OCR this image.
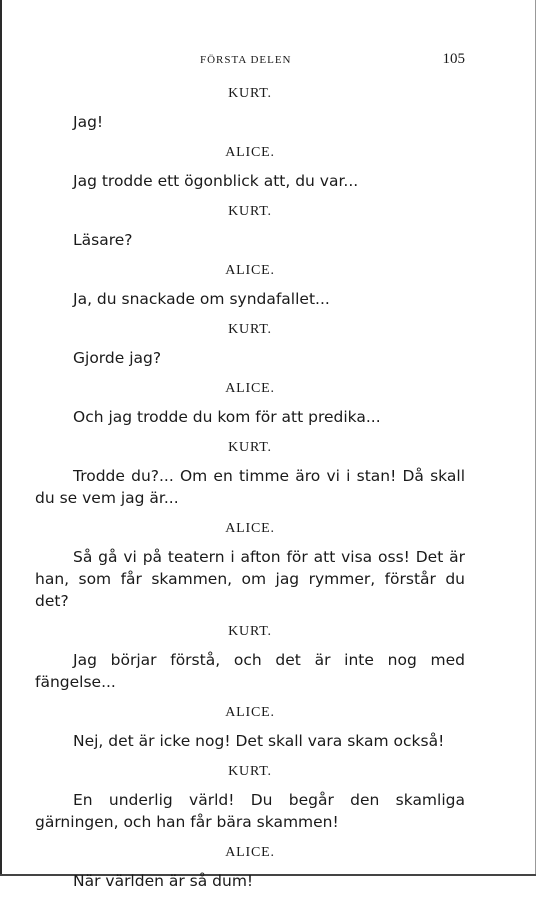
FÖRSTA DELEN	105
KURT.
Jag!
ALICE.
Jag trodde ett ögonblick att, du var...
KURT.
Läsare?
ALICE.
Ja, du snackade om syndafallet...
KURT.
Gjorde jag?
ALICE.
Och jag trodde du kom för att predika...
KURT.
Trodde du?... Om en timme äro vi i stan! Då skall du se vem jag är...
ALICE.
Så gå vi på teatern i afton för att visa oss! Det är han, som får skammen, om jag rymmer, förstår du det?
KURT.
Jag börjar förstå, och det är inte nog med fängelse...
ALICE.
Nej, det är icke nog! Det skall vara skam också!
KURT.
En underlig värld! Du begår den skamliga gärningen, och han får bära skammen!
ALICE.
När världen är så dum!
